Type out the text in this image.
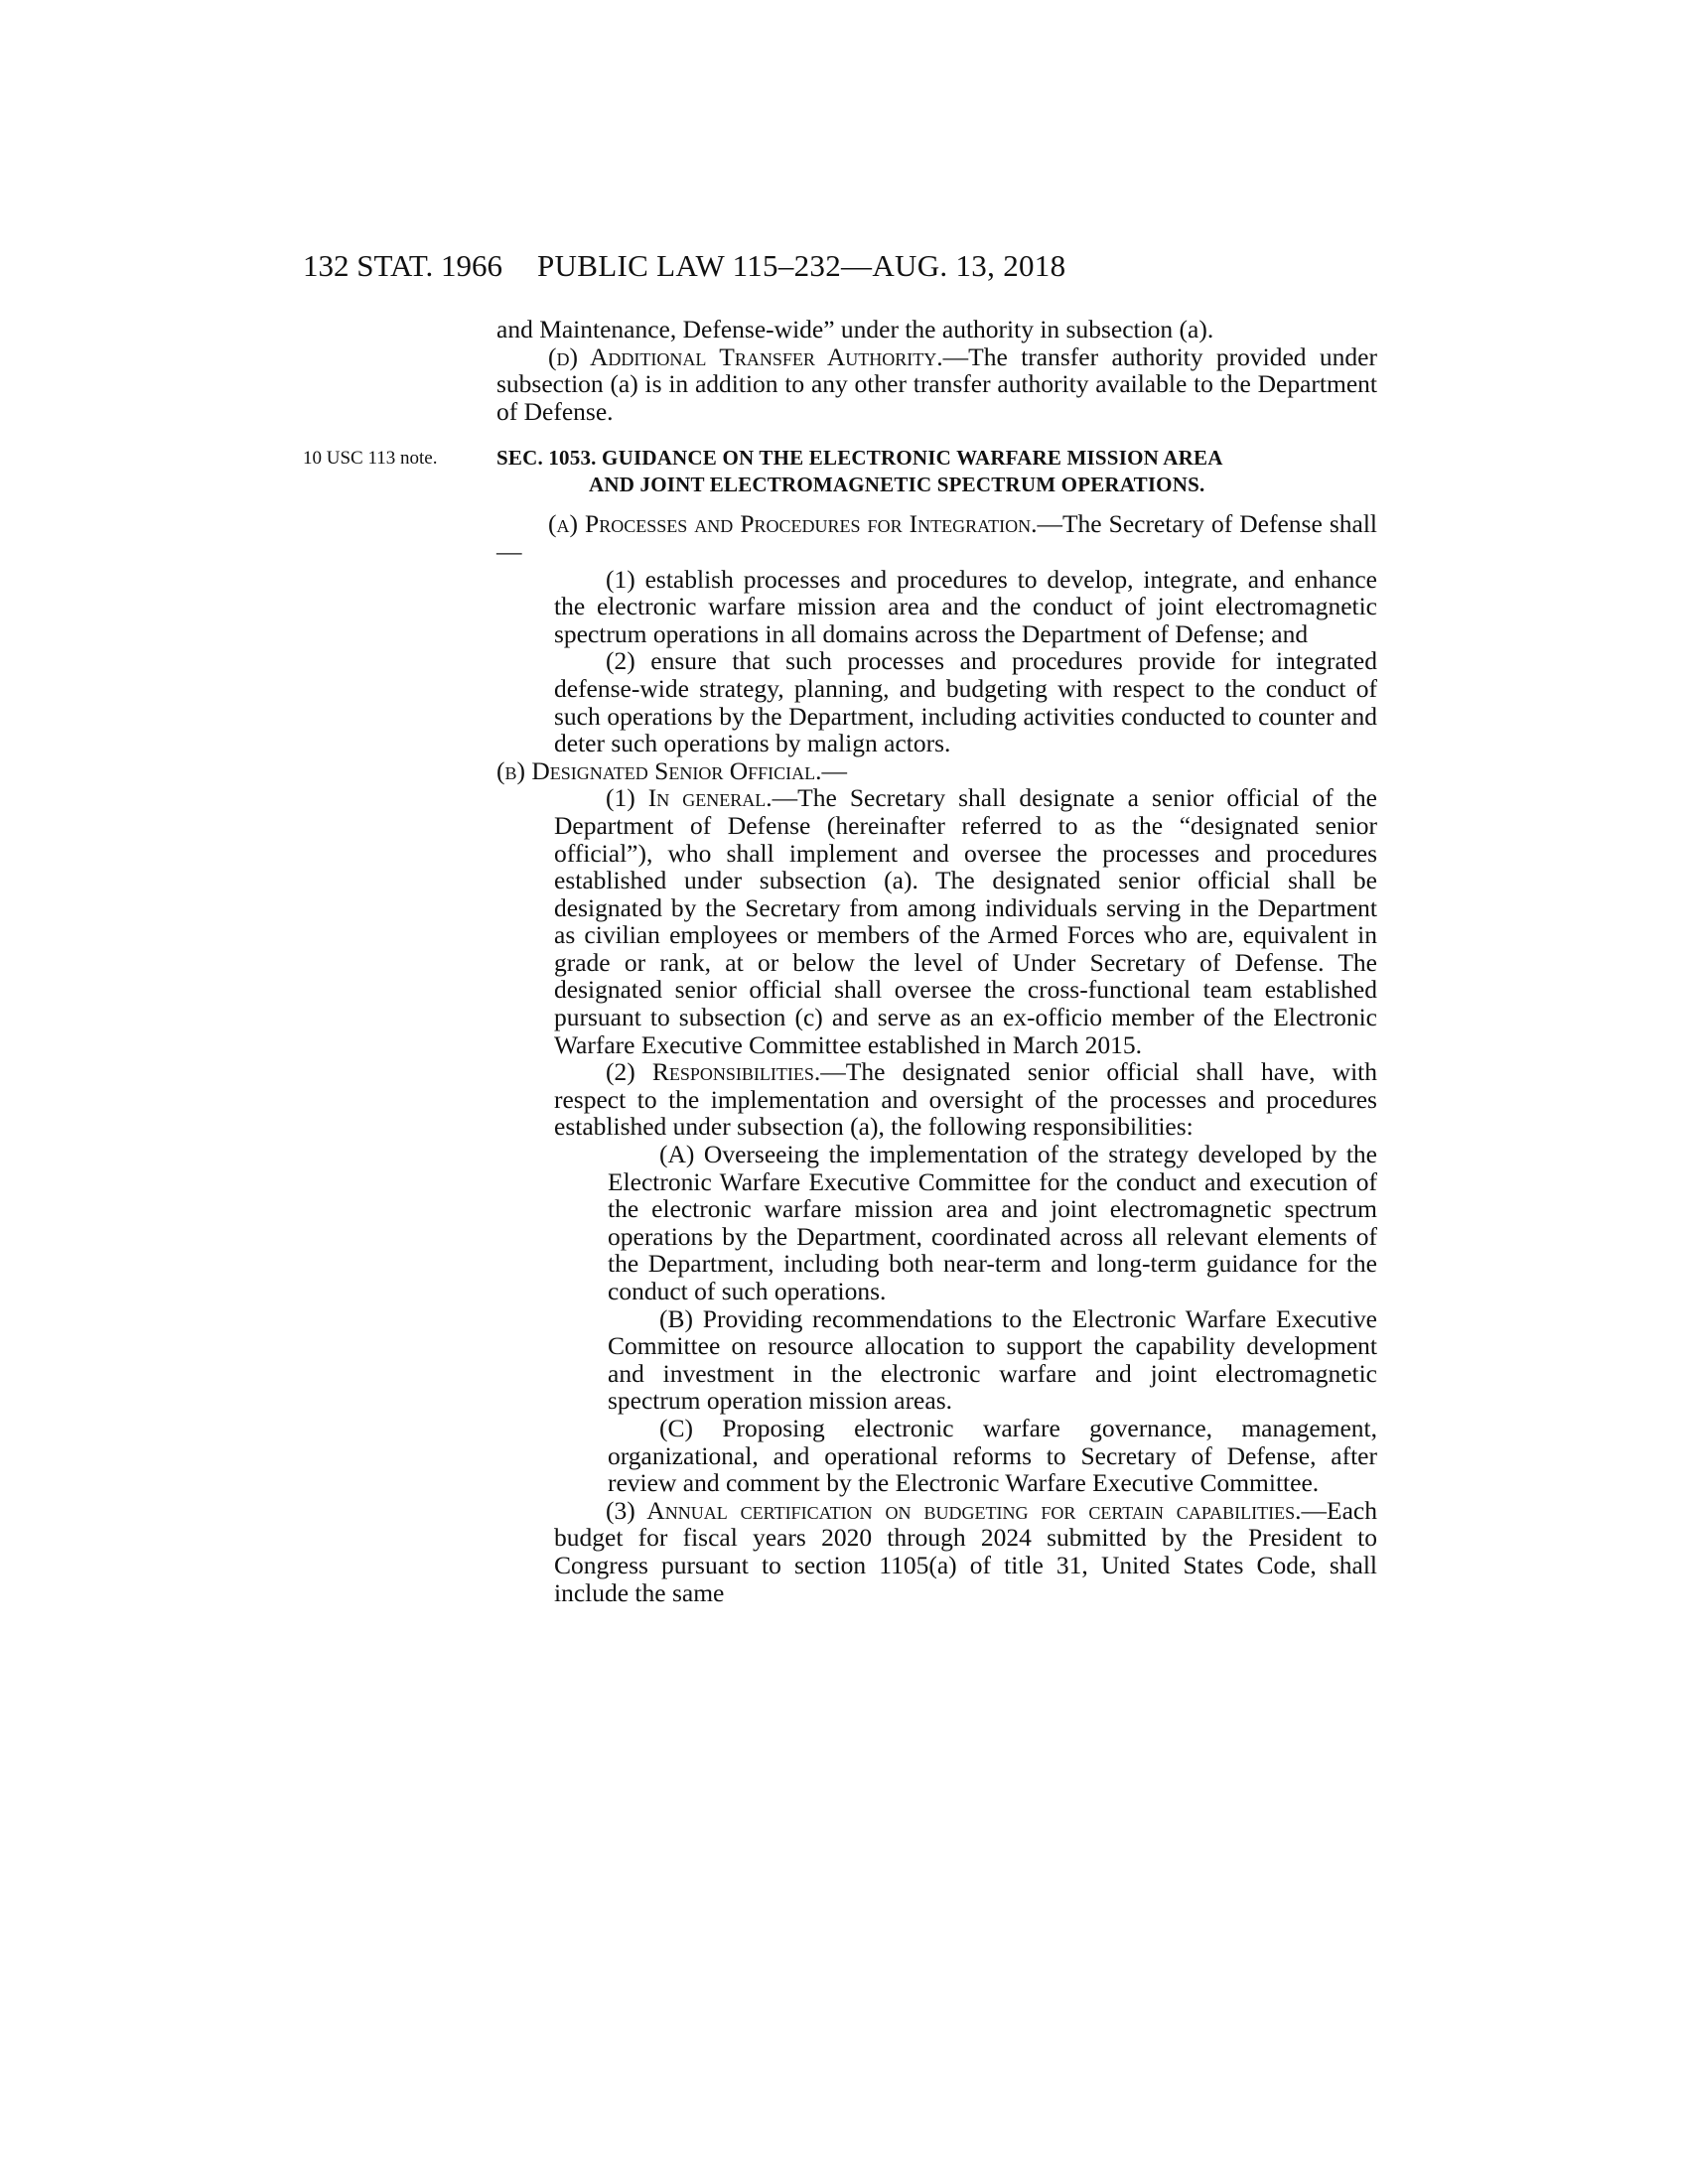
132 STAT. 1966 PUBLIC LAW 115–232—AUG. 13, 2018

and Maintenance, Defense-wide” under the authority in subsection (a).

(d) Additional Transfer Authority.—The transfer authority provided under subsection (a) is in addition to any other transfer authority available to the Department of Defense.

10 USC 113 note.	SEC. 1053. GUIDANCE ON THE ELECTRONIC WARFARE MISSION AREA
AND JOINT ELECTROMAGNETIC SPECTRUM OPERATIONS.

(a) Processes and Procedures for Integration.—The Secretary of Defense shall—

(1) establish processes and procedures to develop, integrate, and enhance the electronic warfare mission area and the conduct of joint electromagnetic spectrum operations in all domains across the Department of Defense; and

(2) ensure that such processes and procedures provide for integrated defense-wide strategy, planning, and budgeting with respect to the conduct of such operations by the Department, including activities conducted to counter and deter such operations by malign actors.

(b) Designated Senior Official.—

(1) In general.—The Secretary shall designate a senior official of the Department of Defense (hereinafter referred to as the “designated senior official”), who shall implement and oversee the processes and procedures established under subsection (a). The designated senior official shall be designated by the Secretary from among individuals serving in the Department as civilian employees or members of the Armed Forces who are, equivalent in grade or rank, at or below the level of Under Secretary of Defense. The designated senior official shall oversee the cross-functional team established pursuant to subsection (c) and serve as an ex-officio member of the Electronic Warfare Executive Committee established in March 2015.

(2) Responsibilities.—The designated senior official shall have, with respect to the implementation and oversight of the processes and procedures established under subsection (a), the following responsibilities:

(A) Overseeing the implementation of the strategy developed by the Electronic Warfare Executive Committee for the conduct and execution of the electronic warfare mission area and joint electromagnetic spectrum operations by the Department, coordinated across all relevant elements of the Department, including both near-term and long-term guidance for the conduct of such operations.

(B) Providing recommendations to the Electronic Warfare Executive Committee on resource allocation to support the capability development and investment in the electronic warfare and joint electromagnetic spectrum operation mission areas.

(C) Proposing electronic warfare governance, management, organizational, and operational reforms to Secretary of Defense, after review and comment by the Electronic Warfare Executive Committee.

(3) Annual certification on budgeting for certain capabilities.—Each budget for fiscal years 2020 through 2024 submitted by the President to Congress pursuant to section 1105(a) of title 31, United States Code, shall include the same
